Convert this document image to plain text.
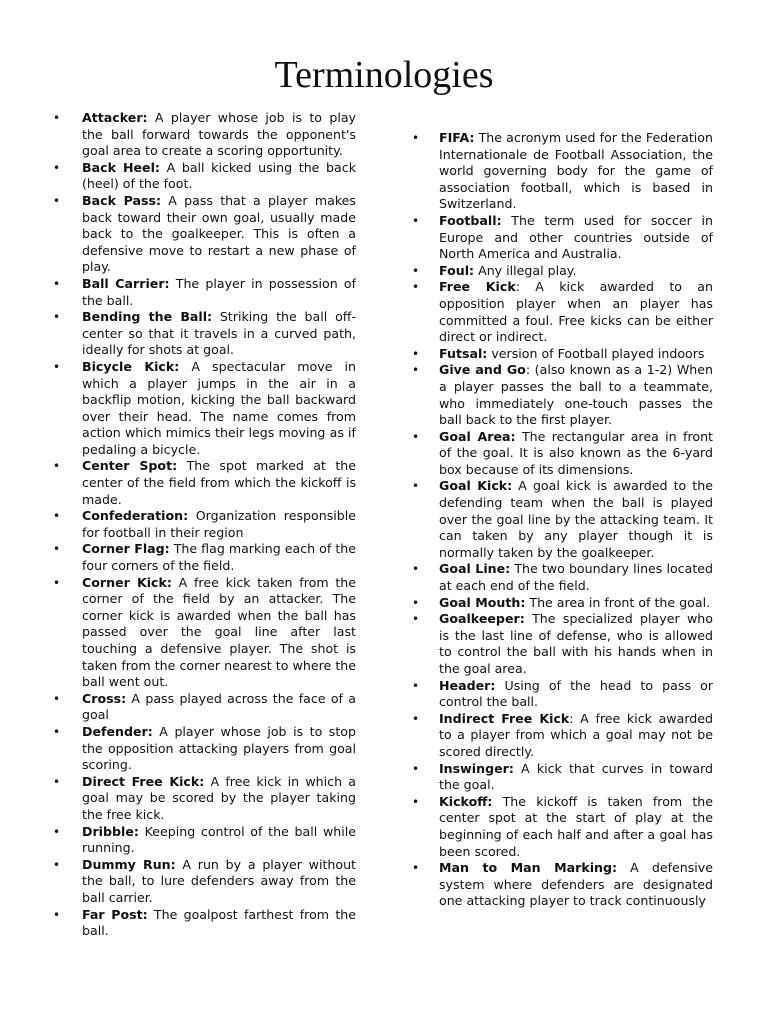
Terminologies
• Attacker: A player whose job is to play the ball forward towards the opponent's goal area to create a scoring opportunity.
• Back Heel: A ball kicked using the back (heel) of the foot.
• Back Pass: A pass that a player makes back toward their own goal, usually made back to the goalkeeper. This is often a defensive move to restart a new phase of play.
• Ball Carrier: The player in possession of the ball.
• Bending the Ball: Striking the ball off-center so that it travels in a curved path, ideally for shots at goal.
• Bicycle Kick: A spectacular move in which a player jumps in the air in a backflip motion, kicking the ball backward over their head. The name comes from action which mimics their legs moving as if pedaling a bicycle.
• Center Spot: The spot marked at the center of the field from which the kickoff is made.
• Confederation: Organization responsible for football in their region
• Corner Flag: The flag marking each of the four corners of the field.
• Corner Kick: A free kick taken from the corner of the field by an attacker. The corner kick is awarded when the ball has passed over the goal line after last touching a defensive player. The shot is taken from the corner nearest to where the ball went out.
• Cross: A pass played across the face of a goal
• Defender: A player whose job is to stop the opposition attacking players from goal scoring.
• Direct Free Kick: A free kick in which a goal may be scored by the player taking the free kick.
• Dribble: Keeping control of the ball while running.
• Dummy Run: A run by a player without the ball, to lure defenders away from the ball carrier.
• Far Post: The goalpost farthest from the ball.
• FIFA: The acronym used for the Federation Internationale de Football Association, the world governing body for the game of association football, which is based in Switzerland.
• Football: The term used for soccer in Europe and other countries outside of North America and Australia.
• Foul: Any illegal play.
• Free Kick: A kick awarded to an opposition player when an player has committed a foul. Free kicks can be either direct or indirect.
• Futsal: version of Football played indoors
• Give and Go: (also known as a 1-2) When a player passes the ball to a teammate, who immediately one-touch passes the ball back to the first player.
• Goal Area: The rectangular area in front of the goal. It is also known as the 6-yard box because of its dimensions.
• Goal Kick: A goal kick is awarded to the defending team when the ball is played over the goal line by the attacking team. It can taken by any player though it is normally taken by the goalkeeper.
• Goal Line: The two boundary lines located at each end of the field.
• Goal Mouth: The area in front of the goal.
• Goalkeeper: The specialized player who is the last line of defense, who is allowed to control the ball with his hands when in the goal area.
• Header: Using of the head to pass or control the ball.
• Indirect Free Kick: A free kick awarded to a player from which a goal may not be scored directly.
• Inswinger: A kick that curves in toward the goal.
• Kickoff: The kickoff is taken from the center spot at the start of play at the beginning of each half and after a goal has been scored.
• Man to Man Marking: A defensive system where defenders are designated one attacking player to track continuously
